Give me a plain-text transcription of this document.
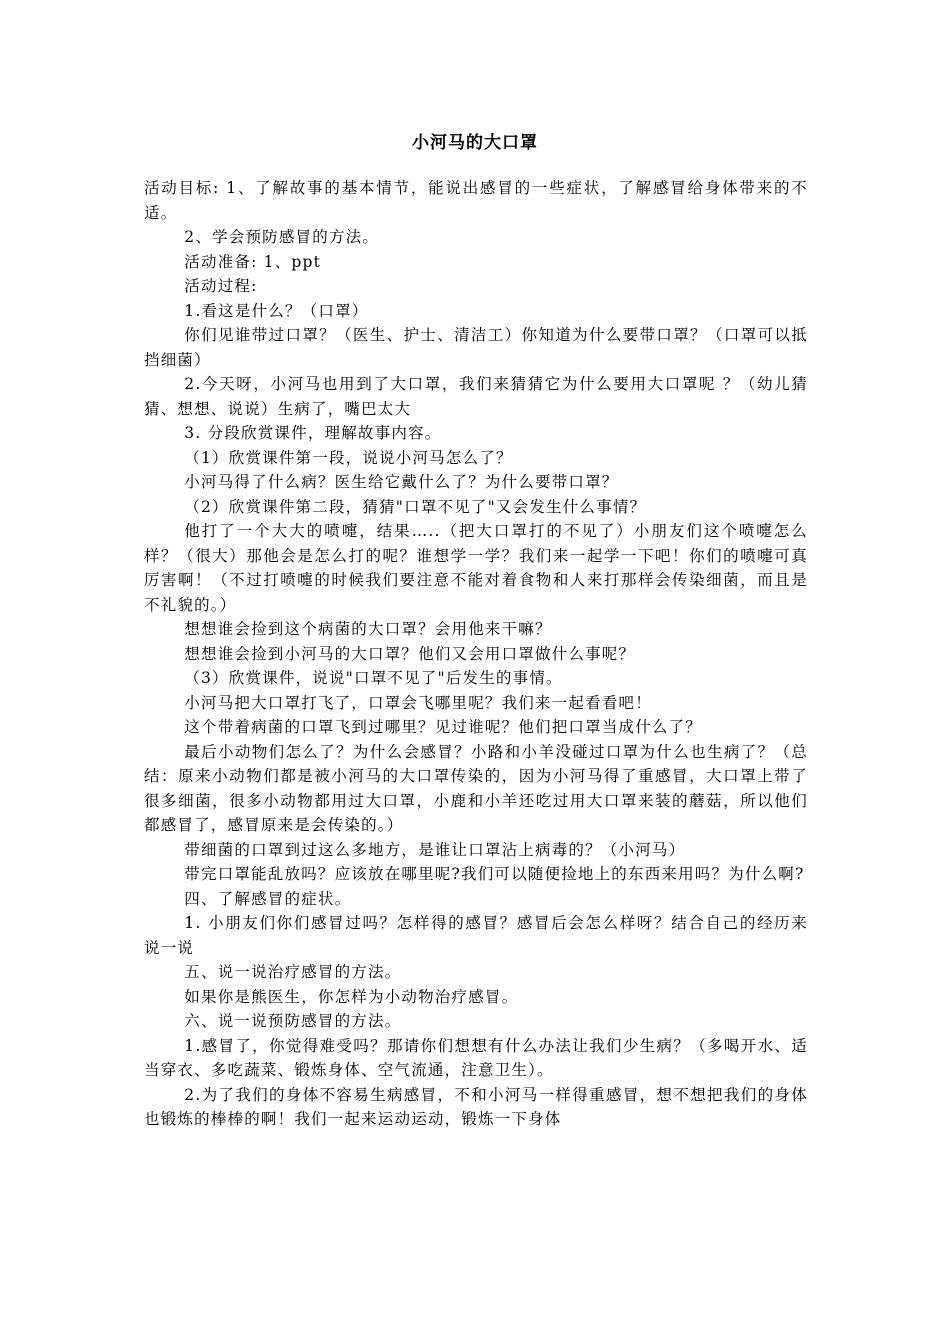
小河马的大口罩

活动目标: 1、了解故事的基本情节，能说出感冒的一些症状，了解感冒给身体带来的不适。

2、学会预防感冒的方法。

活动准备: 1、ppt

活动过程:

1.看这是什么？（口罩）

你们见谁带过口罩？（医生、护士、清洁工）你知道为什么要带口罩？（口罩可以抵挡细菌）

2.今天呀，小河马也用到了大口罩，我们来猜猜它为什么要用大口罩呢 ？（幼儿猜猜、想想、说说）生病了，嘴巴太大

3. 分段欣赏课件，理解故事内容。

（1）欣赏课件第一段，说说小河马怎么了？

小河马得了什么病？医生给它戴什么了？为什么要带口罩？

（2）欣赏课件第二段，猜猜"口罩不见了"又会发生什么事情？

他打了一个大大的喷嚏，结果…..（把大口罩打的不见了）小朋友们这个喷嚏怎么样？（很大）那他会是怎么打的呢？谁想学一学？我们来一起学一下吧！你们的喷嚏可真厉害啊！（不过打喷嚏的时候我们要注意不能对着食物和人来打那样会传染细菌，而且是不礼貌的。）

想想谁会捡到这个病菌的大口罩？会用他来干嘛？

想想谁会捡到小河马的大口罩？他们又会用口罩做什么事呢？

（3）欣赏课件，说说"口罩不见了"后发生的事情。

小河马把大口罩打飞了，口罩会飞哪里呢？我们来一起看看吧！

这个带着病菌的口罩飞到过哪里？见过谁呢？他们把口罩当成什么了？

最后小动物们怎么了？为什么会感冒？小路和小羊没碰过口罩为什么也生病了？（总结：原来小动物们都是被小河马的大口罩传染的，因为小河马得了重感冒，大口罩上带了很多细菌，很多小动物都用过大口罩，小鹿和小羊还吃过用大口罩来装的蘑菇，所以他们都感冒了，感冒原来是会传染的。）

带细菌的口罩到过这么多地方，是谁让口罩沾上病毒的？（小河马）

带完口罩能乱放吗？应该放在哪里呢?我们可以随便捡地上的东西来用吗？为什么啊?

四、了解感冒的症状。

1. 小朋友们你们感冒过吗？怎样得的感冒？感冒后会怎么样呀？结合自己的经历来说一说

五、说一说治疗感冒的方法。

如果你是熊医生，你怎样为小动物治疗感冒。

六、说一说预防感冒的方法。

1.感冒了，你觉得难受吗？那请你们想想有什么办法让我们少生病？（多喝开水、适当穿衣、多吃蔬菜、锻炼身体、空气流通，注意卫生）。

2.为了我们的身体不容易生病感冒，不和小河马一样得重感冒，想不想把我们的身体也锻炼的棒棒的啊！我们一起来运动运动，锻炼一下身体
